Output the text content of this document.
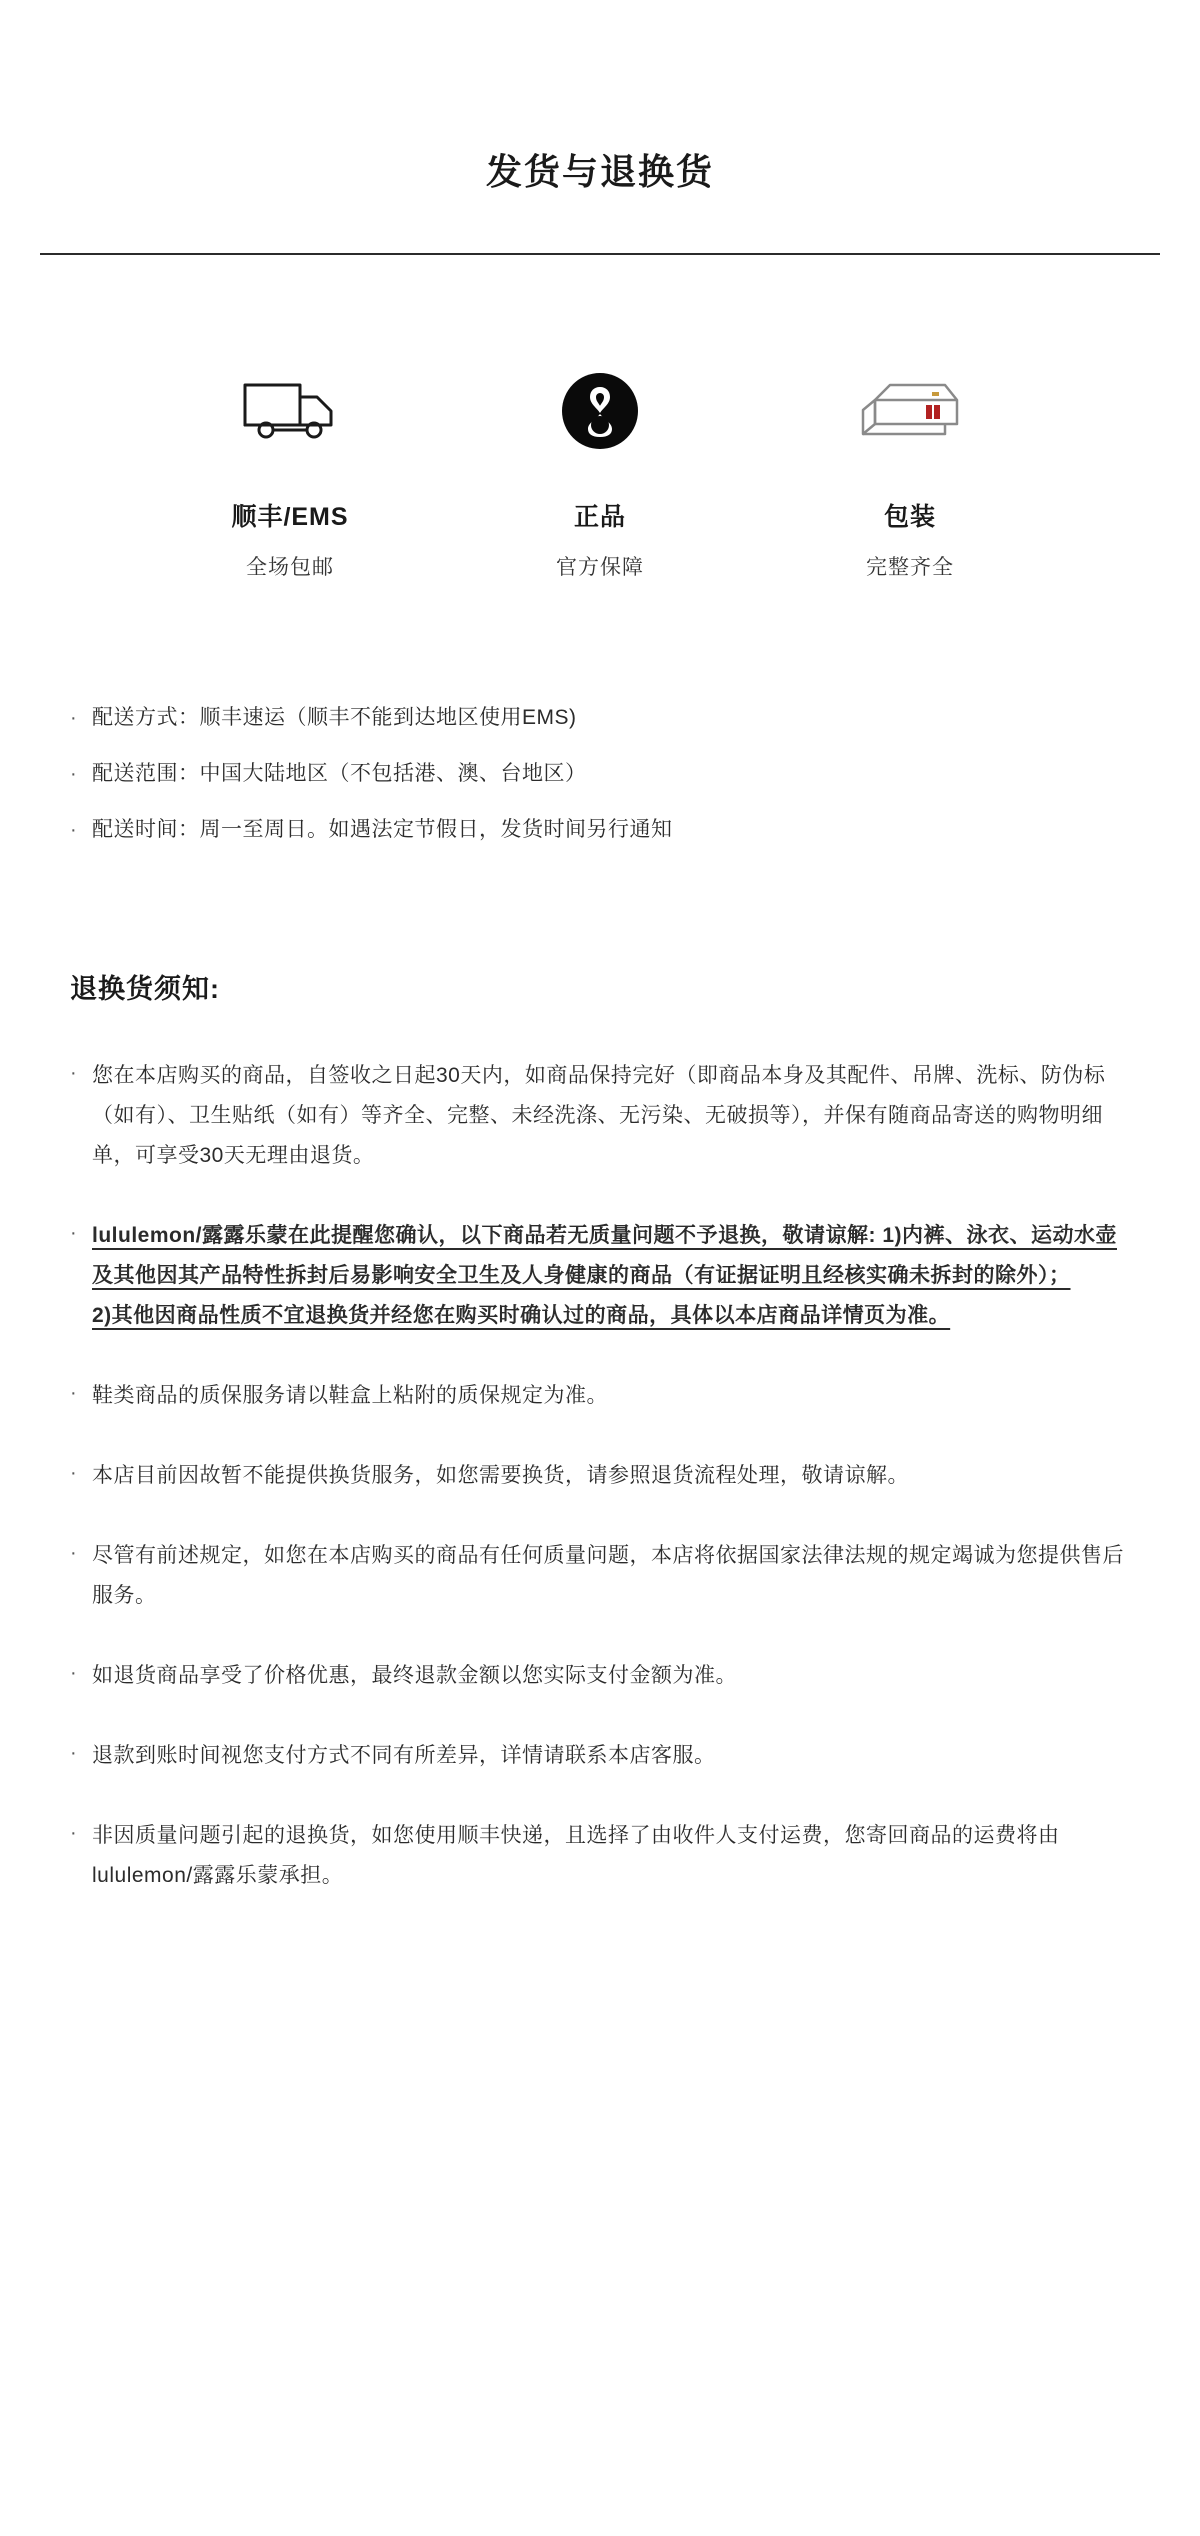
发货与退换货
顺丰/EMS
全场包邮
正品
官方保障
包装
完整齐全
· 配送方式：顺丰速运（顺丰不能到达地区使用EMS)
· 配送范围：中国大陆地区（不包括港、澳、台地区）
· 配送时间：周一至周日。如遇法定节假日，发货时间另行通知
退换货须知:
· 您在本店购买的商品，自签收之日起30天内，如商品保持完好（即商品本身及其配件、吊牌、洗标、防伪标（如有）、卫生贴纸（如有）等齐全、完整、未经洗涤、无污染、无破损等），并保有随商品寄送的购物明细单，可享受30天无理由退货。
· lululemon/露露乐蒙在此提醒您确认，以下商品若无质量问题不予退换，敬请谅解: 1)内裤、泳衣、运动水壶及其他因其产品特性拆封后易影响安全卫生及人身健康的商品（有证据证明且经核实确未拆封的除外）；
2)其他因商品性质不宜退换货并经您在购买时确认过的商品，具体以本店商品详情页为准。
· 鞋类商品的质保服务请以鞋盒上粘附的质保规定为准。
· 本店目前因故暂不能提供换货服务，如您需要换货，请参照退货流程处理，敬请谅解。
· 尽管有前述规定，如您在本店购买的商品有任何质量问题，本店将依据国家法律法规的规定竭诚为您提供售后服务。
· 如退货商品享受了价格优惠，最终退款金额以您实际支付金额为准。
· 退款到账时间视您支付方式不同有所差异，详情请联系本店客服。
· 非因质量问题引起的退换货，如您使用顺丰快递，且选择了由收件人支付运费，您寄回商品的运费将由lululemon/露露乐蒙承担。
